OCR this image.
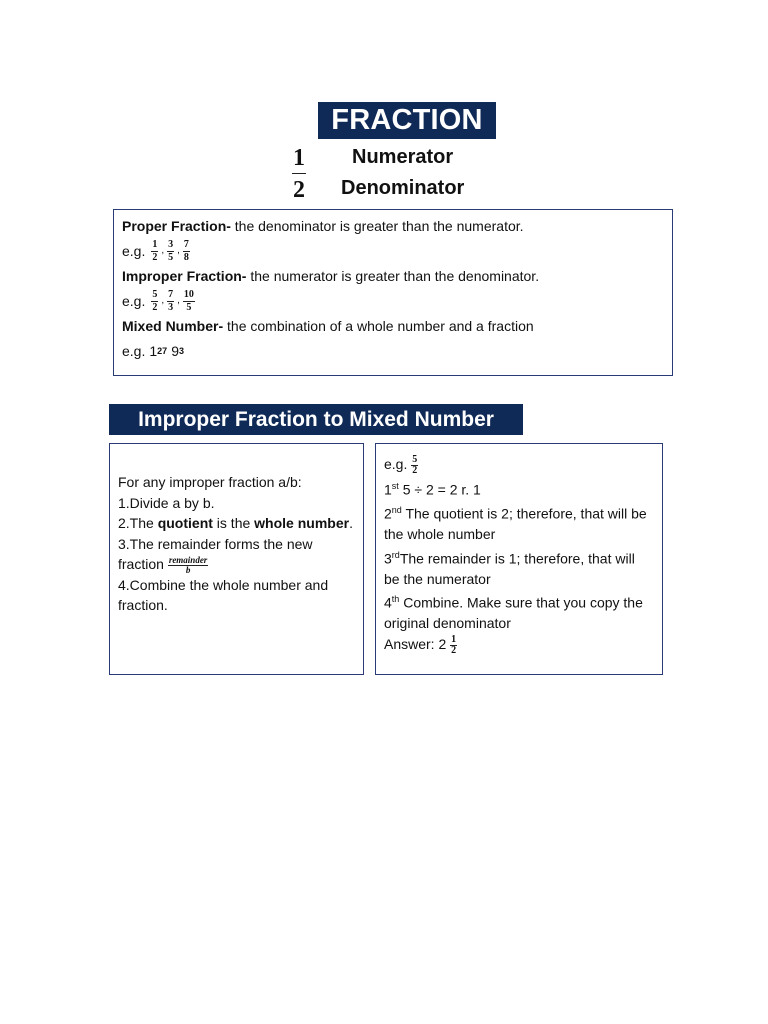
FRACTION
$\frac{1}{2}$ Numerator
Denominator
Proper Fraction- the denominator is greater than the numerator.
e.g. $\frac{1}{2}$ , $\frac{3}{5}$ , $\frac{7}{8}$
Improper Fraction- the numerator is greater than the denominator.
e.g. $\frac{5}{2}$ , $\frac{7}{3}$ , $\frac{10}{5}$
Mixed Number- the combination of a whole number and a fraction
e.g. 1 2 7 9 3
Improper Fraction to Mixed Number
For any improper fraction a/b:
1.Divide a by b.
2.The quotient is the whole number.
3.The remainder forms the new
fraction $\frac{\text{remainder}}{b}$
4.Combine the whole number and fraction.
e.g. $\frac{5}{2}$
1st 5 ÷ 2 = 2 r. 1
2nd The quotient is 2; therefore, that will be the whole number
3rdThe remainder is 1; therefore, that will be the numerator
4th Combine. Make sure that you copy the original denominator
Answer: $2 \frac{1}{2}$
